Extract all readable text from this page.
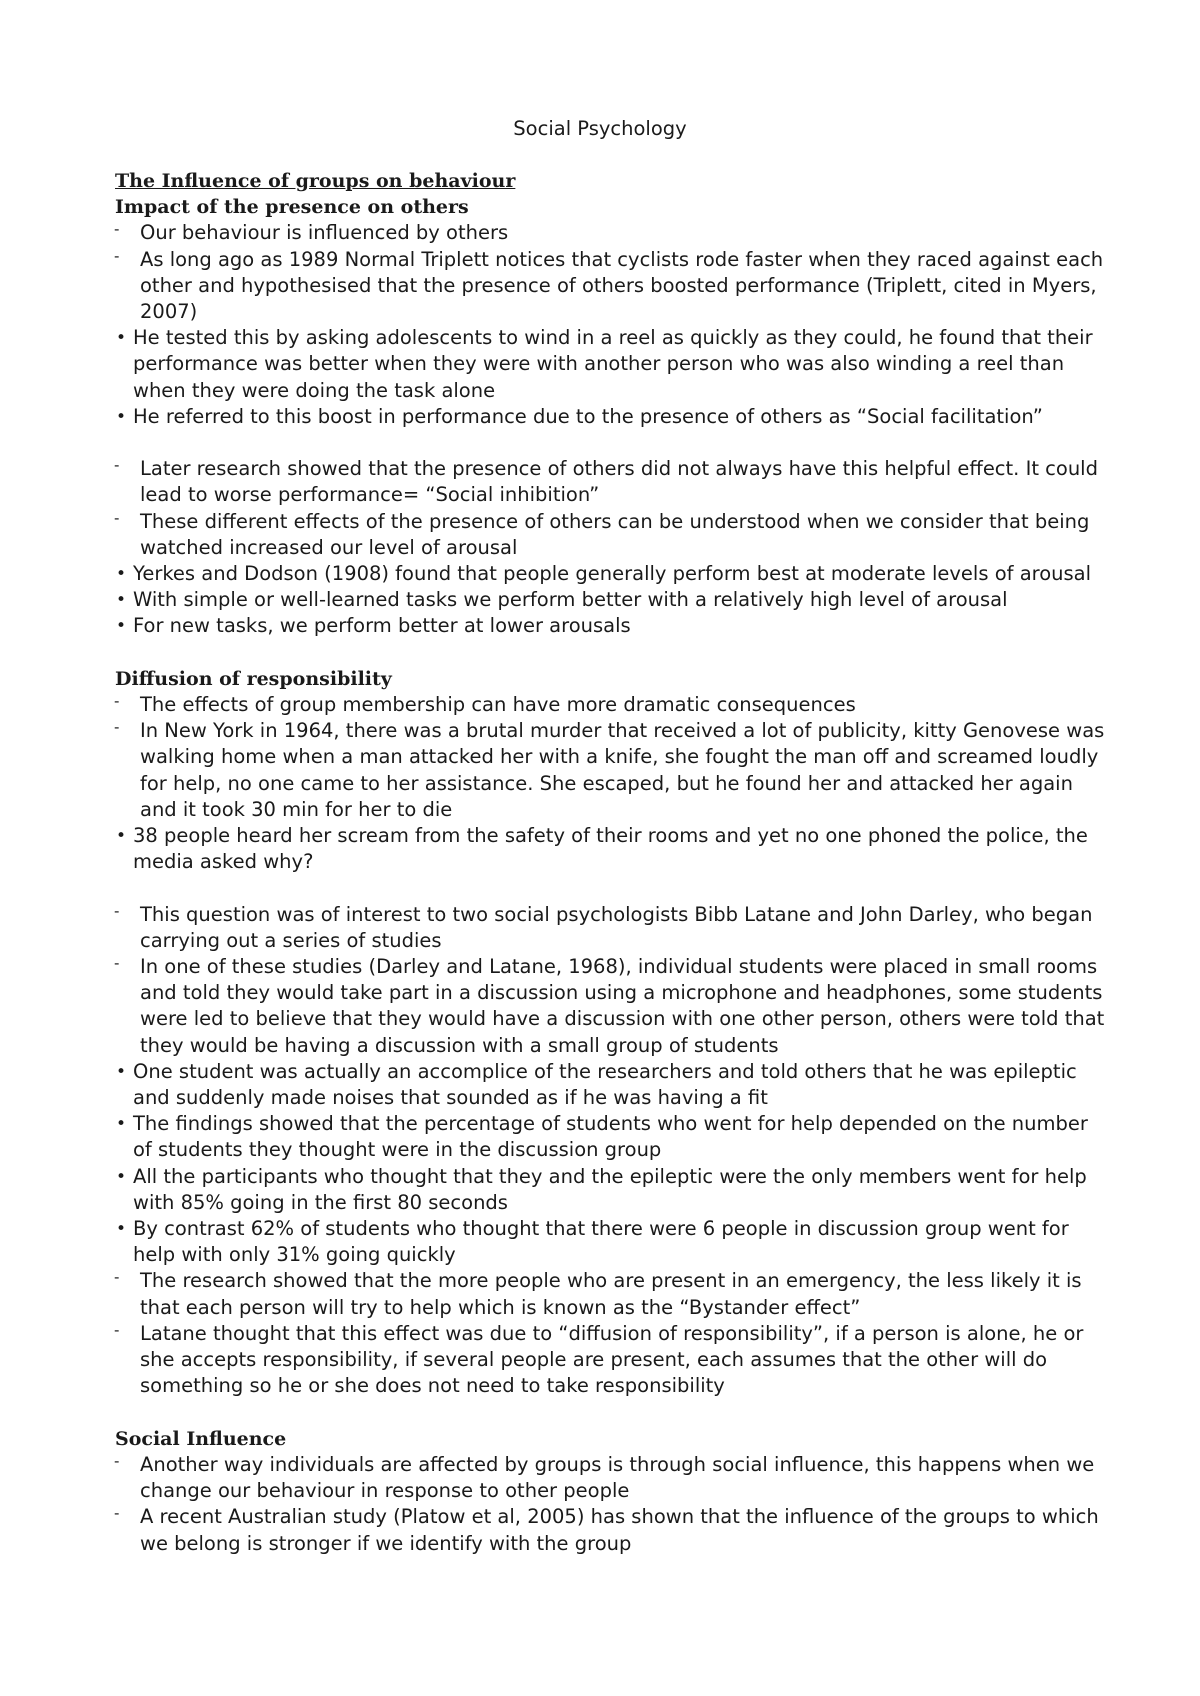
Social Psychology
The Influence of groups on behaviour
Impact of the presence on others
- Our behaviour is influenced by others
- As long ago as 1989 Normal Triplett notices that cyclists rode faster when they raced against each other and hypothesised that the presence of others boosted performance (Triplett, cited in Myers, 2007)
• He tested this by asking adolescents to wind in a reel as quickly as they could, he found that their performance was better when they were with another person who was also winding a reel than when they were doing the task alone
• He referred to this boost in performance due to the presence of others as “Social facilitation”
- Later research showed that the presence of others did not always have this helpful effect. It could lead to worse performance= “Social inhibition”
- These different effects of the presence of others can be understood when we consider that being watched increased our level of arousal
• Yerkes and Dodson (1908) found that people generally perform best at moderate levels of arousal
• With simple or well-learned tasks we perform better with a relatively high level of arousal
• For new tasks, we perform better at lower arousals
Diffusion of responsibility
- The effects of group membership can have more dramatic consequences
- In New York in 1964, there was a brutal murder that received a lot of publicity, kitty Genovese was walking home when a man attacked her with a knife, she fought the man off and screamed loudly for help, no one came to her assistance. She escaped, but he found her and attacked her again and it took 30 min for her to die
• 38 people heard her scream from the safety of their rooms and yet no one phoned the police, the media asked why?
- This question was of interest to two social psychologists Bibb Latane and John Darley, who began carrying out a series of studies
- In one of these studies (Darley and Latane, 1968), individual students were placed in small rooms and told they would take part in a discussion using a microphone and headphones, some students were led to believe that they would have a discussion with one other person, others were told that they would be having a discussion with a small group of students
• One student was actually an accomplice of the researchers and told others that he was epileptic and suddenly made noises that sounded as if he was having a fit
• The findings showed that the percentage of students who went for help depended on the number of students they thought were in the discussion group
• All the participants who thought that they and the epileptic were the only members went for help with 85% going in the first 80 seconds
• By contrast 62% of students who thought that there were 6 people in discussion group went for help with only 31% going quickly
- The research showed that the more people who are present in an emergency, the less likely it is that each person will try to help which is known as the “Bystander effect”
- Latane thought that this effect was due to “diffusion of responsibility”, if a person is alone, he or she accepts responsibility, if several people are present, each assumes that the other will do something so he or she does not need to take responsibility
Social Influence
- Another way individuals are affected by groups is through social influence, this happens when we change our behaviour in response to other people
- A recent Australian study (Platow et al, 2005) has shown that the influence of the groups to which we belong is stronger if we identify with the group
